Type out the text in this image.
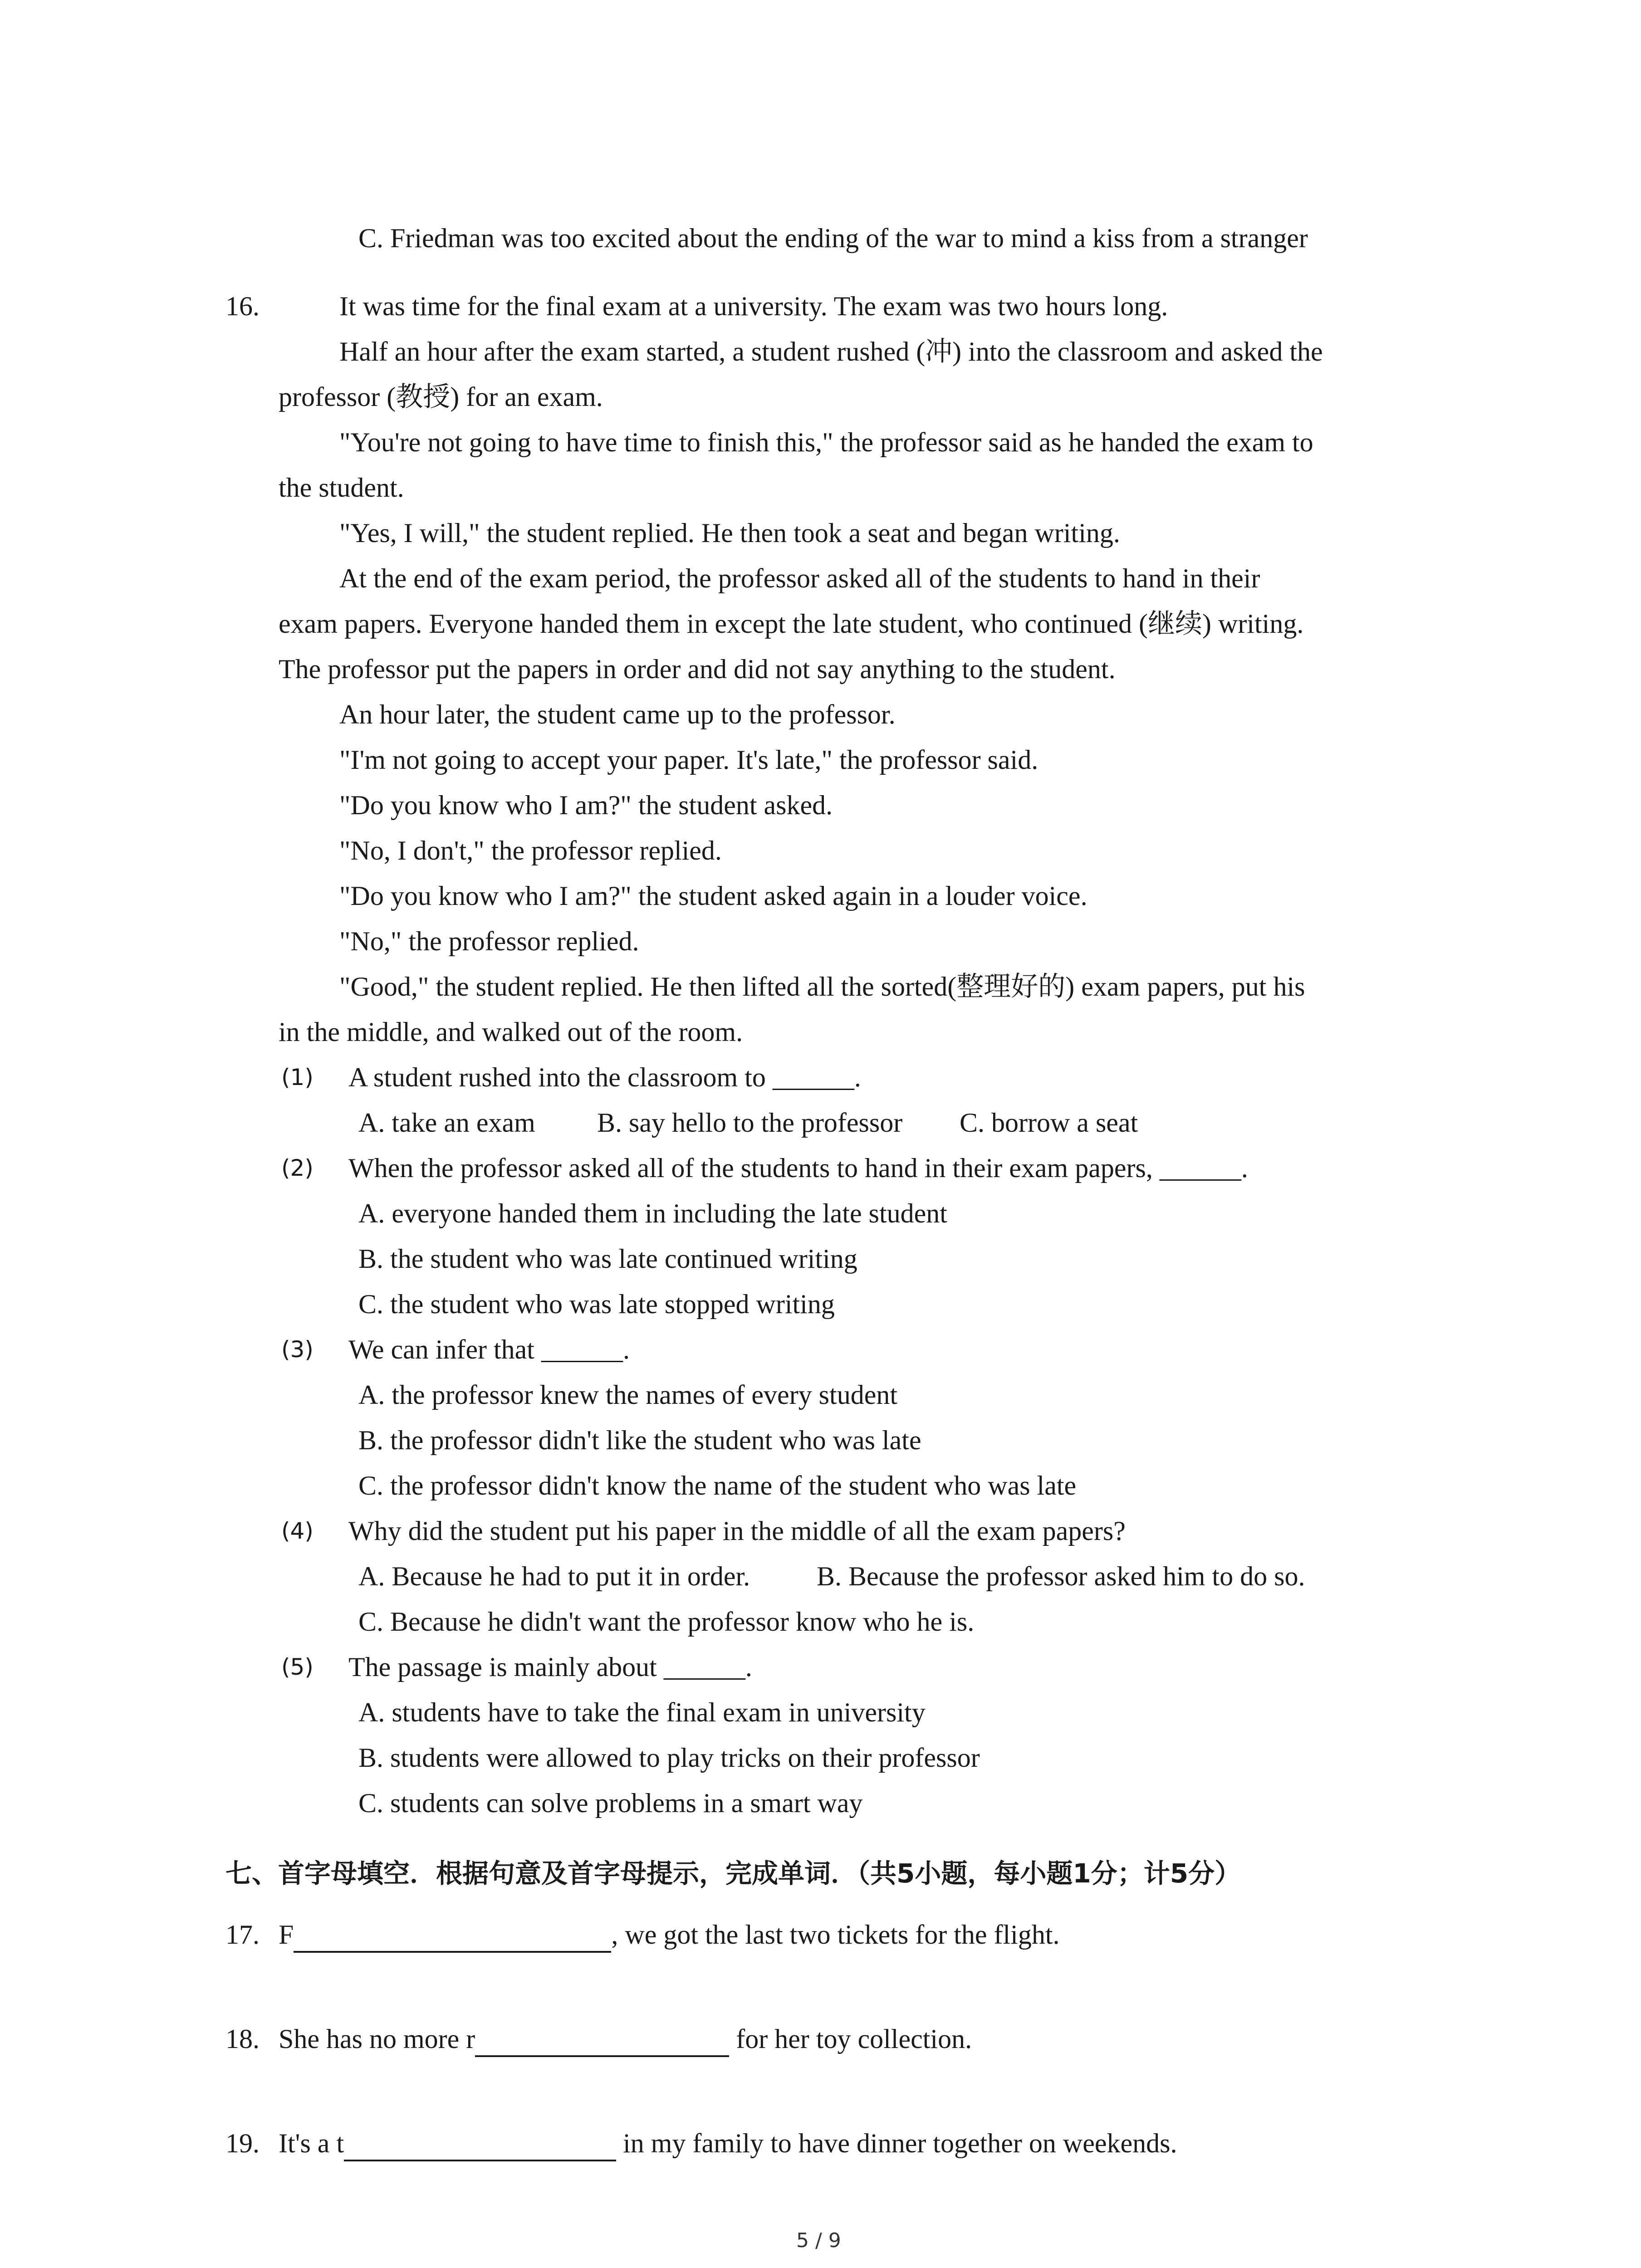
C. Friedman was too excited about the ending of the war to mind a kiss from a stranger
16.	It was time for the final exam at a university. The exam was two hours long.
Half an hour after the exam started, a student rushed (冲) into the classroom and asked the
professor (教授) for an exam.
"You're not going to have time to finish this," the professor said as he handed the exam to
the student.
"Yes, I will," the student replied. He then took a seat and began writing.
At the end of the exam period, the professor asked all of the students to hand in their
exam papers. Everyone handed them in except the late student, who continued (继续) writing.
The professor put the papers in order and did not say anything to the student.
An hour later, the student came up to the professor.
"I'm not going to accept your paper. It's late," the professor said.
"Do you know who I am?" the student asked.
"No, I don't," the professor replied.
"Do you know who I am?" the student asked again in a louder voice.
"No," the professor replied.
"Good," the student replied. He then lifted all the sorted(整理好的) exam papers, put his
in the middle, and walked out of the room.
(1) A student rushed into the classroom to ______.
A. take an exam B. say hello to the professor C. borrow a seat
(2) When the professor asked all of the students to hand in their exam papers, ______.
A. everyone handed them in including the late student
B. the student who was late continued writing
C. the student who was late stopped writing
(3) We can infer that ______.
A. the professor knew the names of every student
B. the professor didn't like the student who was late
C. the professor didn't know the name of the student who was late
(4) Why did the student put his paper in the middle of all the exam papers?
A. Because he had to put it in order. B. Because the professor asked him to do so.
C. Because he didn't want the professor know who he is.
(5) The passage is mainly about ______.
A. students have to take the final exam in university
B. students were allowed to play tricks on their professor
C. students can solve problems in a smart way
七、首字母填空．根据句意及首字母提示，完成单词．（共5小题，每小题1分；计5分）
17. F	, we got the last two tickets for the flight.
18. She has no more r	for her toy collection.
19. It's a t	in my family to have dinner together on weekends.
5 / 9
